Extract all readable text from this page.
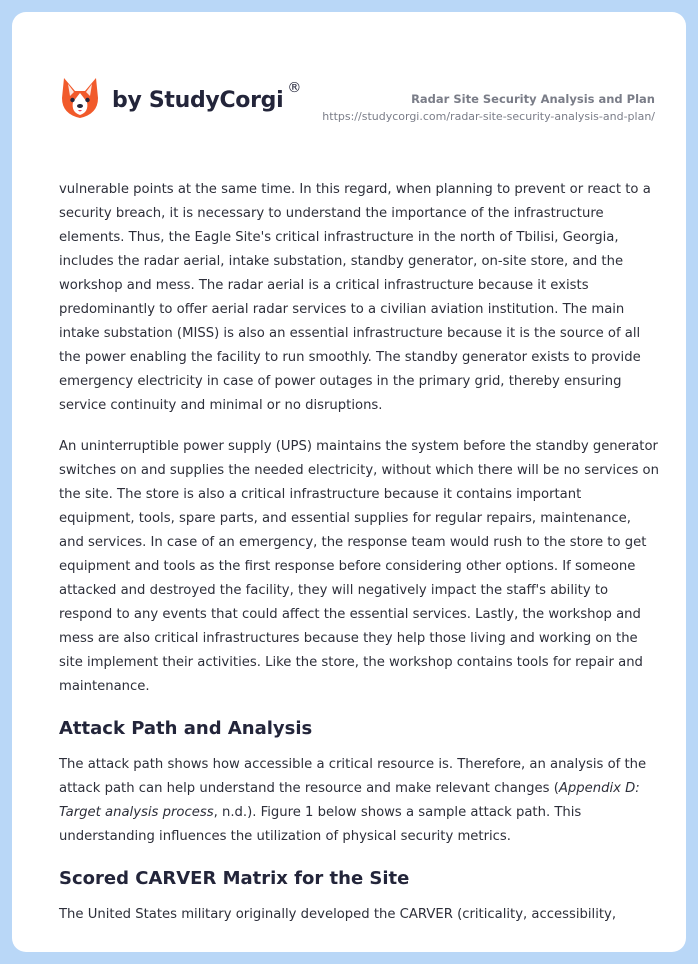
by StudyCorgi ®
Radar Site Security Analysis and Plan
https://studycorgi.com/radar-site-security-analysis-and-plan/

vulnerable points at the same time. In this regard, when planning to prevent or react to a security breach, it is necessary to understand the importance of the infrastructure elements. Thus, the Eagle Site's critical infrastructure in the north of Tbilisi, Georgia, includes the radar aerial, intake substation, standby generator, on-site store, and the workshop and mess. The radar aerial is a critical infrastructure because it exists predominantly to offer aerial radar services to a civilian aviation institution. The main intake substation (MISS) is also an essential infrastructure because it is the source of all the power enabling the facility to run smoothly. The standby generator exists to provide emergency electricity in case of power outages in the primary grid, thereby ensuring service continuity and minimal or no disruptions.

An uninterruptible power supply (UPS) maintains the system before the standby generator switches on and supplies the needed electricity, without which there will be no services on the site. The store is also a critical infrastructure because it contains important equipment, tools, spare parts, and essential supplies for regular repairs, maintenance, and services. In case of an emergency, the response team would rush to the store to get equipment and tools as the first response before considering other options. If someone attacked and destroyed the facility, they will negatively impact the staff's ability to respond to any events that could affect the essential services. Lastly, the workshop and mess are also critical infrastructures because they help those living and working on the site implement their activities. Like the store, the workshop contains tools for repair and maintenance.

Attack Path and Analysis

The attack path shows how accessible a critical resource is. Therefore, an analysis of the attack path can help understand the resource and make relevant changes (Appendix D: Target analysis process, n.d.). Figure 1 below shows a sample attack path. This understanding influences the utilization of physical security metrics.

Scored CARVER Matrix for the Site

The United States military originally developed the CARVER (criticality, accessibility,
